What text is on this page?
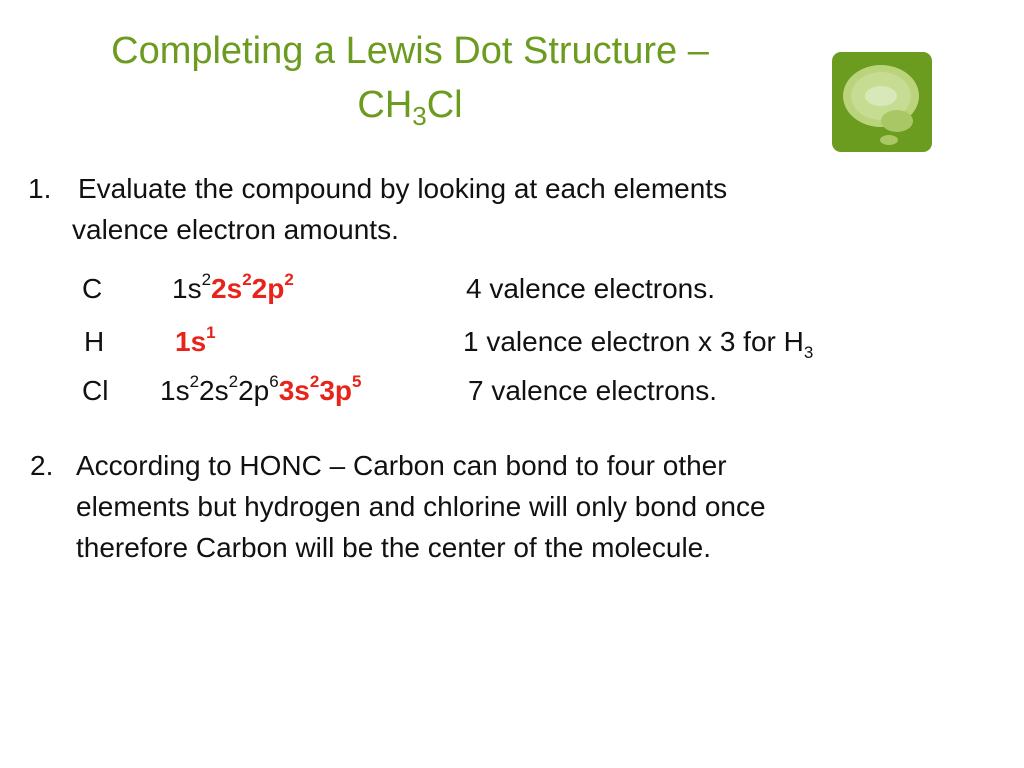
Completing a Lewis Dot Structure –
$CH_3Cl$
1. Evaluate the compound by looking at each elements
valence electron amounts.
C $1s^22s^22p^2$	4 valence electrons.
H	$1s^1$	1 valence electron x 3 for $H_3$
Cl $1s^22s^22p^63s^23p^5$	7 valence electrons.
2. According to HONC – Carbon can bond to four other
elements but hydrogen and chlorine will only bond once
therefore Carbon will be the center of the molecule.
